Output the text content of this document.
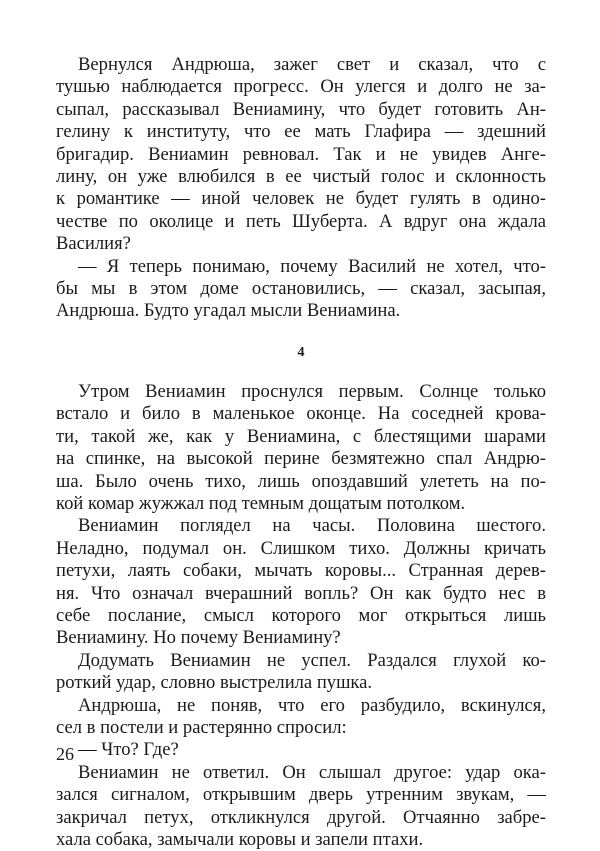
Вернулся Андрюша, зажег свет и сказал, что с
тушью наблюдается прогресс. Он улегся и долго не за-
сыпал, рассказывал Вениамину, что будет готовить Ан-
гелину к институту, что ее мать Глафира — здешний
бригадир. Вениамин ревновал. Так и не увидев Анге-
лину, он уже влюбился в ее чистый голос и склонность
к романтике — иной человек не будет гулять в одино-
честве по околице и петь Шуберта. А вдруг она ждала
Василия?
— Я теперь понимаю, почему Василий не хотел, что-
бы мы в этом доме остановились, — сказал, засыпая,
Андрюша. Будто угадал мысли Вениамина.
4
Утром Вениамин проснулся первым. Солнце только
встало и било в маленькое оконце. На соседней крова-
ти, такой же, как у Вениамина, с блестящими шарами
на спинке, на высокой перине безмятежно спал Андрю-
ша. Было очень тихо, лишь опоздавший улететь на по-
кой комар жужжал под темным дощатым потолком.
Вениамин поглядел на часы. Половина шестого.
Неладно, подумал он. Слишком тихо. Должны кричать
петухи, лаять собаки, мычать коровы... Странная дерев-
ня. Что означал вчерашний вопль? Он как будто нес в
себе послание, смысл которого мог открыться лишь
Вениамину. Но почему Вениамину?
Додумать Вениамин не успел. Раздался глухой ко-
роткий удар, словно выстрелила пушка.
Андрюша, не поняв, что его разбудило, вскинулся,
сел в постели и растерянно спросил:
— Что? Где?
Вениамин не ответил. Он слышал другое: удар ока-
зался сигналом, открывшим дверь утренним звукам, —
закричал петух, откликнулся другой. Отчаянно забре-
хала собака, замычали коровы и запели птахи.
26
